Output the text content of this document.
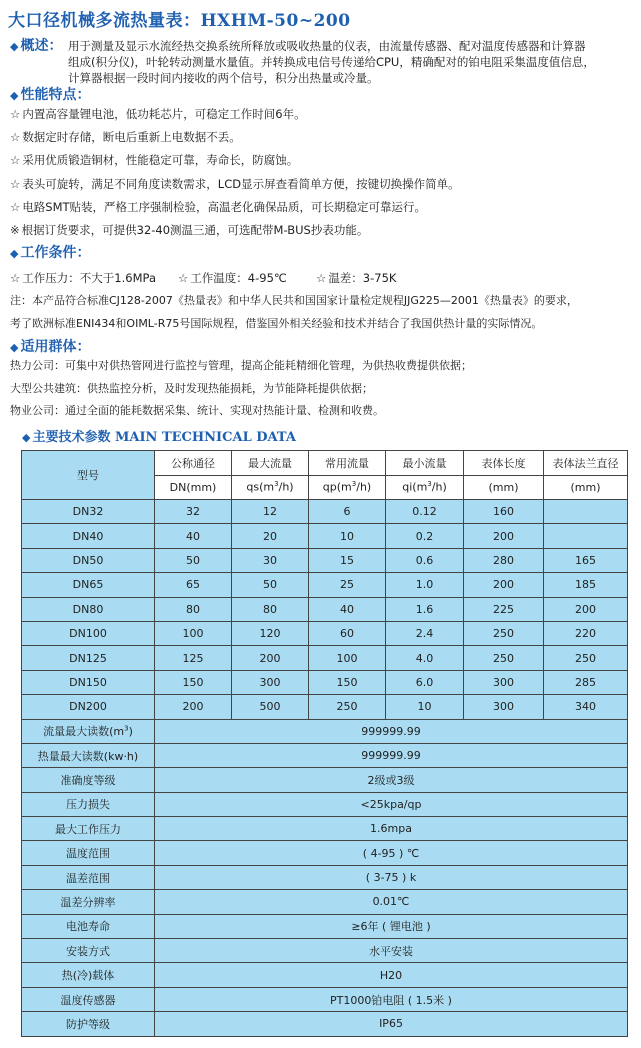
大口径机械多流热量表：HXHM-50~200
◆ 概述： 用于测量及显示水流经热交换系统所释放或吸收热量的仪表，由流量传感器、配对温度传感器和计算器
组成(积分仪)，叶轮转动测量水量值。并转换成电信号传递给CPU，精确配对的铂电阻采集温度值信息，
计算器根据一段时间内接收的两个信号，积分出热量或冷量。
◆ 性能特点：
☆ 内置高容量锂电池，低功耗芯片，可稳定工作时间6年。
☆ 数据定时存储，断电后重新上电数据不丢。
☆ 采用优质锻造铜材，性能稳定可靠，寿命长，防腐蚀。
☆ 表头可旋转，满足不同角度读数需求，LCD显示屏查看简单方便，按键切换操作简单。
☆ 电路SMT贴装，严格工序强制检验，高温老化确保品质，可长期稳定可靠运行。
※ 根据订货要求，可提供32-40测温三通，可选配带M-BUS抄表功能。
◆ 工作条件：
☆ 工作压力：不大于1.6MPa ☆ 工作温度：4-95℃	☆ 温差：3-75K
注：本产品符合标准CJ128-2007《热量表》和中华人民共和国国家计量检定规程JJG225—2001《热量表》的要求，
考了欧洲标准ENI434和OIML-R75号国际规程，借鉴国外相关经验和技术并结合了我国供热计量的实际情况。
◆ 适用群体：
热力公司：可集中对供热管网进行监控与管理，提高企能耗精细化管理，为供热收费提供依据；
大型公共建筑：供热监控分析，及时发现热能损耗，为节能降耗提供依据；
物业公司：通过全面的能耗数据采集、统计、实现对热能计量、检测和收费。
◆ 主要技术参数 MAIN TECHNICAL DATA
型号	公称通径	最大流量	常用流量	最小流量	表体长度	表体法兰直径
	DN(mm)	$qs(m^3/h)$	$qp(m^3/h)$	$qi(m^3/h)$	(mm)	(mm)
DN32	32	12	6	0.12	160	
DN40	40	20	10	0.2	200	
DN50	50	30	15	0.6	280	165
DN65	65	50	25	1.0	200	185
DN80	80	80	40	1.6	225	200
DN100	100	120	60	2.4	250	220
DN125	125	200	100	4.0	250	250
DN150	150	300	150	6.0	300	285
DN200	200	500	250	10	300	340
流量最大读数$(m^3)$	999999.99					
热量最大读数(kw·h)	999999.99					
准确度等级	2级或3级					
压力损失	<25kpa/qp					
最大工作压力	1.6mpa					
温度范围	( 4-95 ) ℃					
温差范围	( 3-75 ) k					
温差分辨率	0.01℃					
电池寿命	≥6年 ( 锂电池 )					
安装方式	水平安装					
热(冷)载体	H20					
温度传感器	PT1000铂电阻 ( 1.5米 )					
防护等级	IP65					
